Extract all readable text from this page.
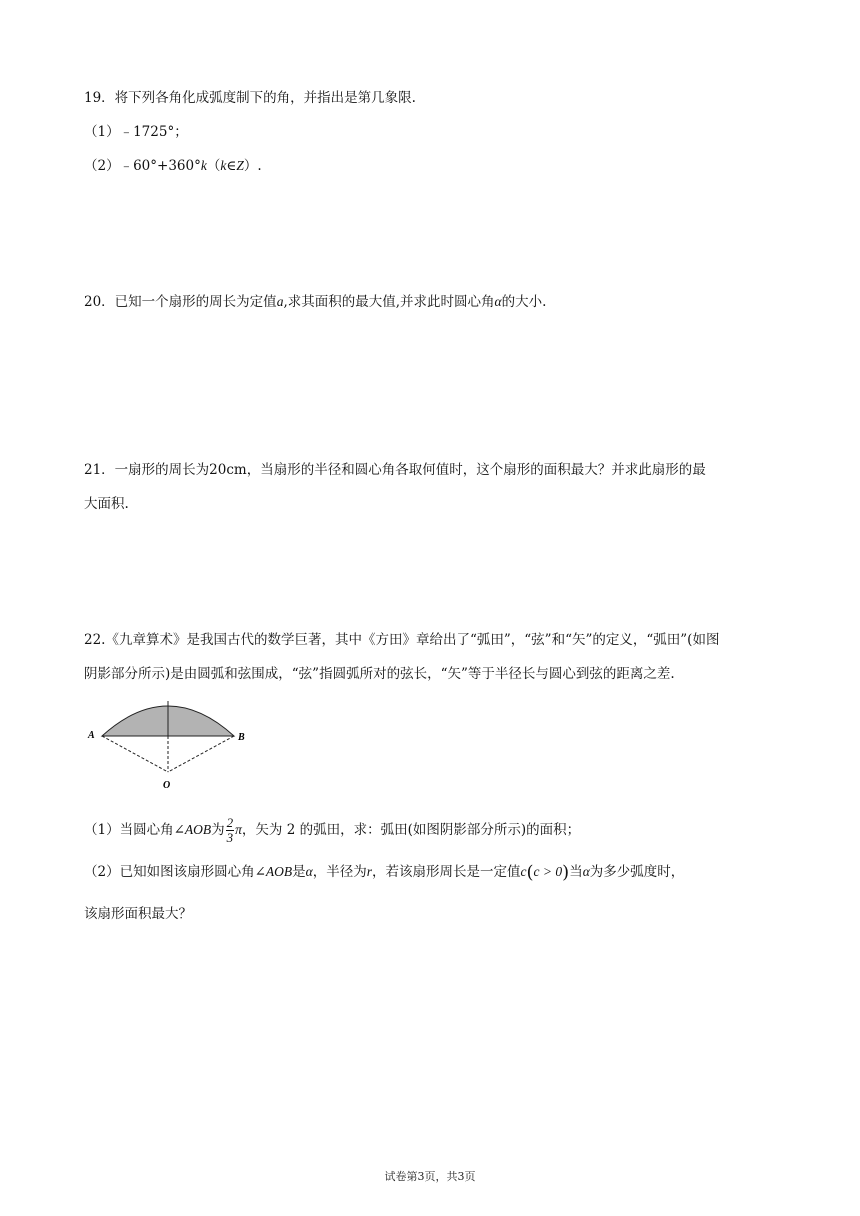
19．将下列各角化成弧度制下的角，并指出是第几象限.
（1）﹣1725°；
（2）﹣60°+360°k（k∈Z）.
20．已知一个扇形的周长为定值a,求其面积的最大值,并求此时圆心角α的大小.
21．一扇形的周长为20cm，当扇形的半径和圆心角各取何值时，这个扇形的面积最大？并求此扇形的最
大面积.
22.《九章算术》是我国古代的数学巨著，其中《方田》章给出了“弧田”，“弦”和“矢”的定义，“弧田”(如图
阴影部分所示)是由圆弧和弦围成，“弦”指圆弧所对的弦长，“矢”等于半径长与圆心到弦的距离之差.
A	B
O
（1）当圆心角∠AOB为 $\frac{2}{3}$ π，矢为 2 的弧田，求：弧田(如图阴影部分所示)的面积；
（2）已知如图该扇形圆心角∠AOB是α，半径为r，若该扇形周长是一定值c(c > 0)当α为多少弧度时，
该扇形面积最大？
试卷第3页，共3页
